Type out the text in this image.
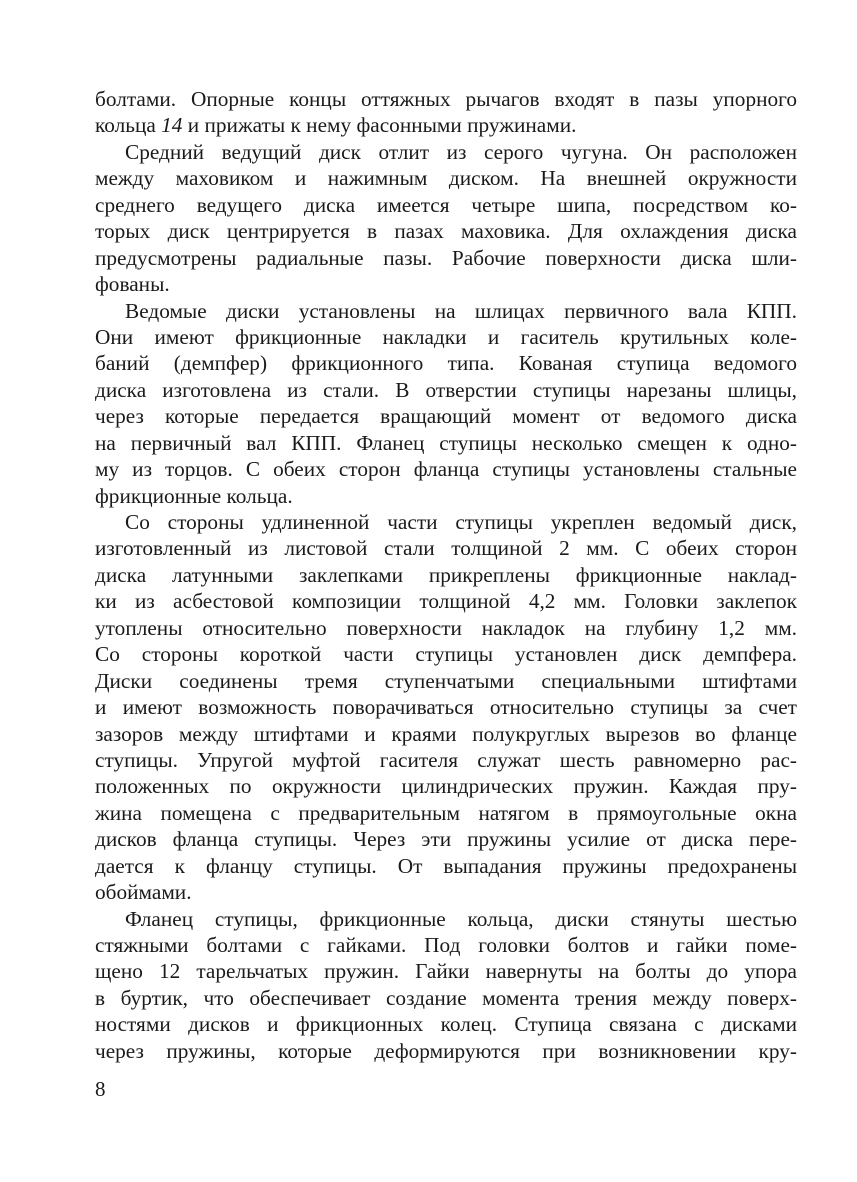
болтами. Опорные концы оттяжных рычагов входят в пазы упорного
кольца 14 и прижаты к нему фасонными пружинами.
Средний ведущий диск отлит из серого чугуна. Он расположен
между маховиком и нажимным диском. На внешней окружности
среднего ведущего диска имеется четыре шипа, посредством ко-
торых диск центрируется в пазах маховика. Для охлаждения диска
предусмотрены радиальные пазы. Рабочие поверхности диска шли-
фованы.
Ведомые диски установлены на шлицах первичного вала КПП.
Они имеют фрикционные накладки и гаситель крутильных коле-
баний (демпфер) фрикционного типа. Кованая ступица ведомого
диска изготовлена из стали. В отверстии ступицы нарезаны шлицы,
через которые передается вращающий момент от ведомого диска
на первичный вал КПП. Фланец ступицы несколько смещен к одно-
му из торцов. С обеих сторон фланца ступицы установлены стальные
фрикционные кольца.
Со стороны удлиненной части ступицы укреплен ведомый диск,
изготовленный из листовой стали толщиной 2 мм. С обеих сторон
диска латунными заклепками прикреплены фрикционные наклад-
ки из асбестовой композиции толщиной 4,2 мм. Головки заклепок
утоплены относительно поверхности накладок на глубину 1,2 мм.
Со стороны короткой части ступицы установлен диск демпфера.
Диски соединены тремя ступенчатыми специальными штифтами
и имеют возможность поворачиваться относительно ступицы за счет
зазоров между штифтами и краями полукруглых вырезов во фланце
ступицы. Упругой муфтой гасителя служат шесть равномерно рас-
положенных по окружности цилиндрических пружин. Каждая пру-
жина помещена с предварительным натягом в прямоугольные окна
дисков фланца ступицы. Через эти пружины усилие от диска пере-
дается к фланцу ступицы. От выпадания пружины предохранены
обоймами.
Фланец ступицы, фрикционные кольца, диски стянуты шестью
стяжными болтами с гайками. Под головки болтов и гайки поме-
щено 12 тарельчатых пружин. Гайки навернуты на болты до упора
в буртик, что обеспечивает создание момента трения между поверх-
ностями дисков и фрикционных колец. Ступица связана с дисками
через пружины, которые деформируются при возникновении кру-
8
